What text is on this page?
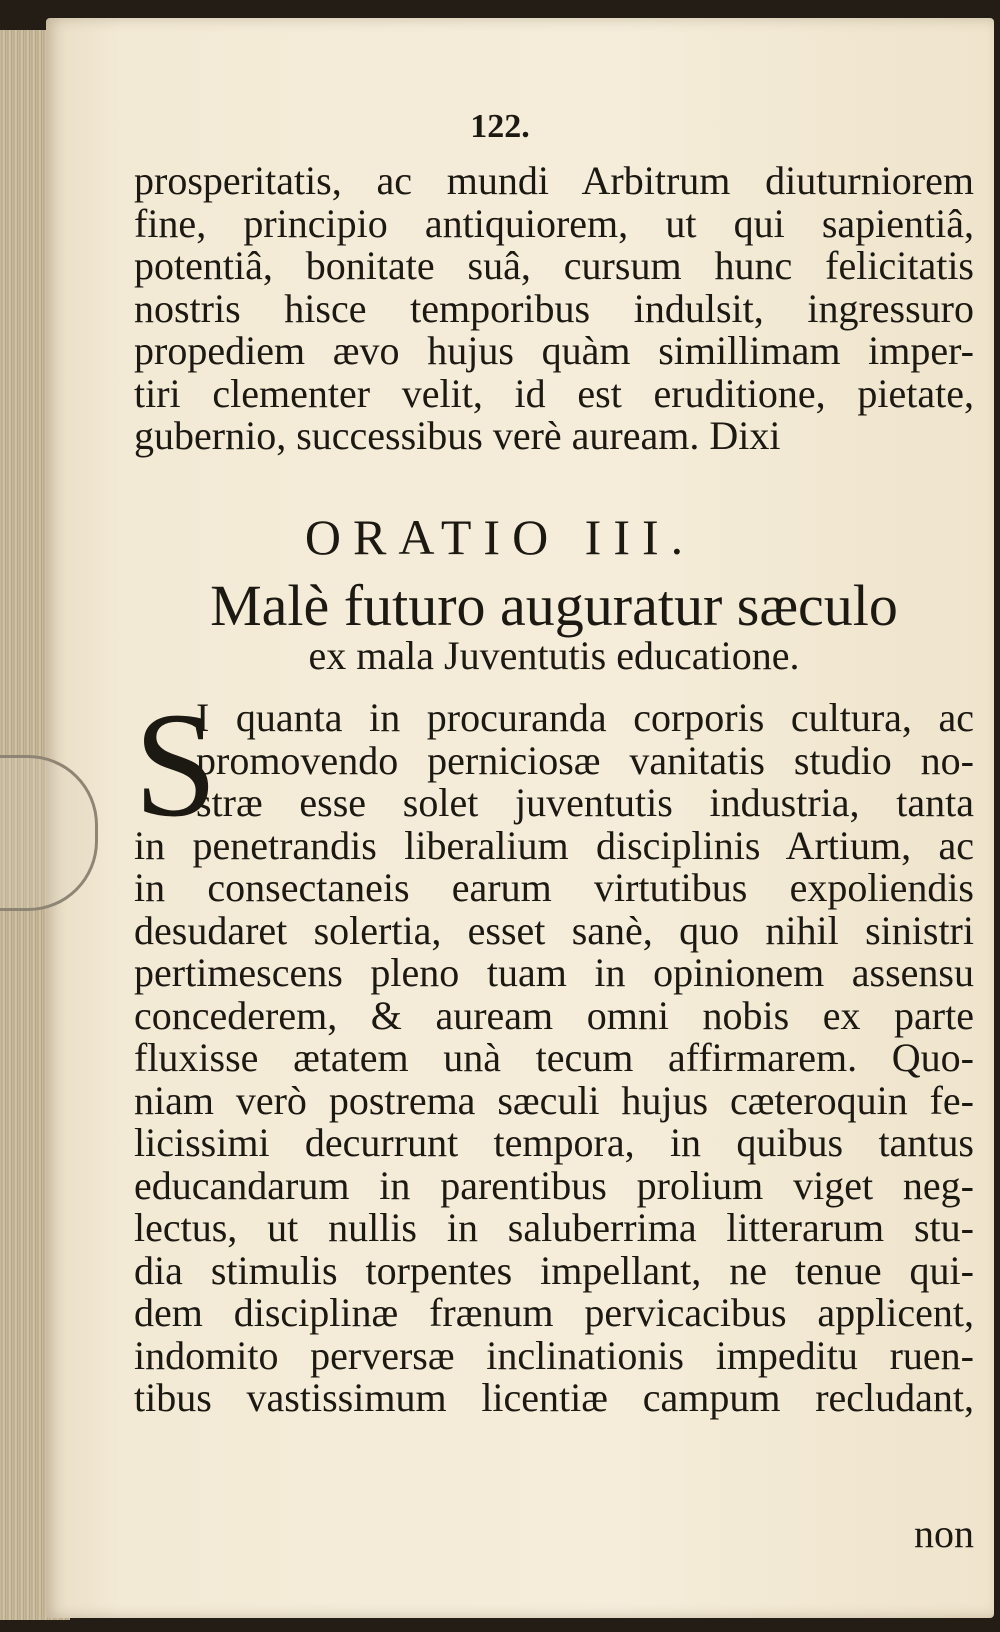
122.
prosperitatis, ac mundi Arbitrum diuturniorem
fine, principio antiquiorem, ut qui sapientiâ,
potentiâ, bonitate suâ, cursum hunc felicitatis
nostris hisce temporibus indulsit, ingressuro
propediem ævo hujus quàm simillimam imper-
tiri clementer velit, id est eruditione, pietate,
gubernio, successibus verè auream. Dixi
ORATIO III.
Malè futuro auguratur sæculo
ex mala Juventutis educatione.
S
I quanta in procuranda corporis cultura, ac
promovendo perniciosæ vanitatis studio no-
stræ esse solet juventutis industria, tanta
in penetrandis liberalium disciplinis Artium, ac
in consectaneis earum virtutibus expoliendis
desudaret solertia, esset sanè, quo nihil sinistri
pertimescens pleno tuam in opinionem assensu
concederem, & auream omni nobis ex parte
fluxisse ætatem unà tecum affirmarem. Quo-
niam verò postrema sæculi hujus cæteroquin fe-
licissimi decurrunt tempora, in quibus tantus
educandarum in parentibus prolium viget neg-
lectus, ut nullis in saluberrima litterarum stu-
dia stimulis torpentes impellant, ne tenue qui-
dem disciplinæ frænum pervicacibus applicent,
indomito perversæ inclinationis impeditu ruen-
tibus vastissimum licentiæ campum recludant,
non
